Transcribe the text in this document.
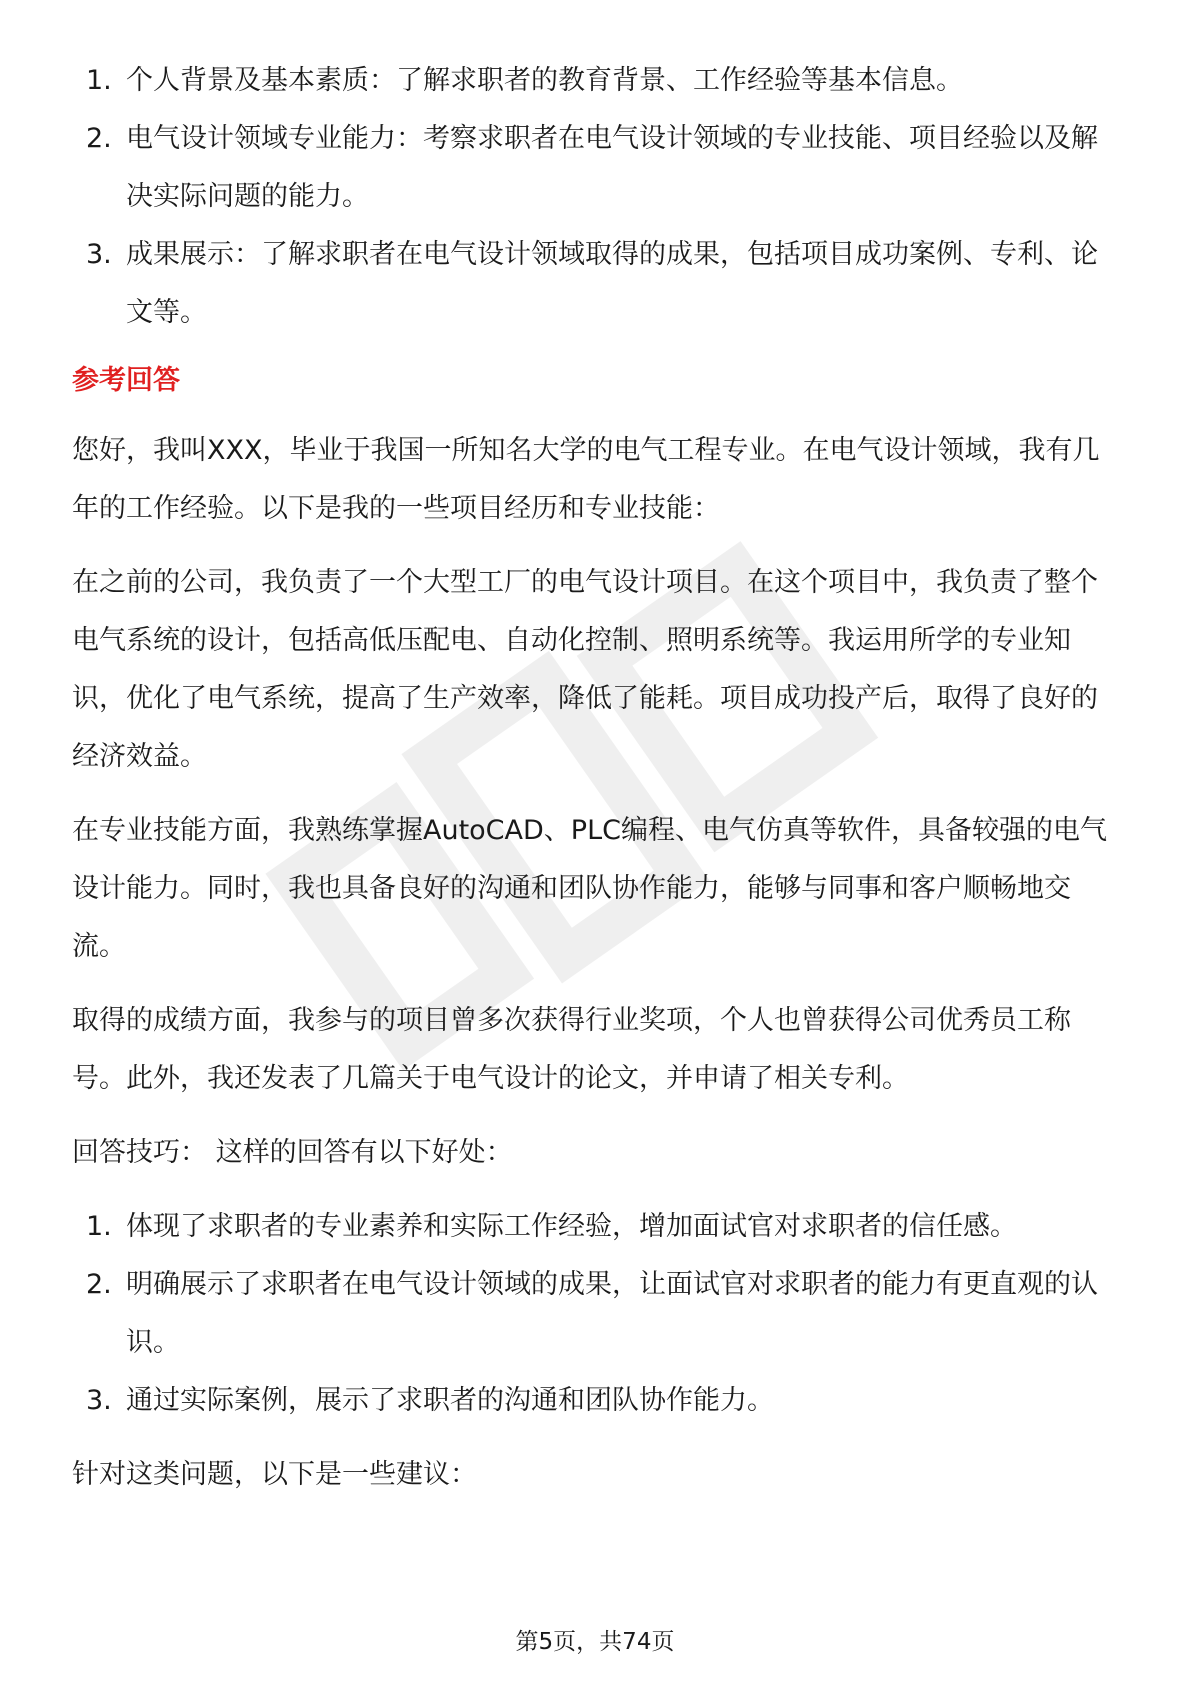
1. 个人背景及基本素质：了解求职者的教育背景、工作经验等基本信息。
2. 电气设计领域专业能力：考察求职者在电气设计领域的专业技能、项目经验以及解决实际问题的能力。
3. 成果展示：了解求职者在电气设计领域取得的成果，包括项目成功案例、专利、论文等。
参考回答

您好，我叫XXX，毕业于我国一所知名大学的电气工程专业。在电气设计领域，我有几年的工作经验。以下是我的一些项目经历和专业技能：

在之前的公司，我负责了一个大型工厂的电气设计项目。在这个项目中，我负责了整个电气系统的设计，包括高低压配电、自动化控制、照明系统等。我运用所学的专业知识，优化了电气系统，提高了生产效率，降低了能耗。项目成功投产后，取得了良好的经济效益。

在专业技能方面，我熟练掌握AutoCAD、PLC编程、电气仿真等软件，具备较强的电气设计能力。同时，我也具备良好的沟通和团队协作能力，能够与同事和客户顺畅地交流。

取得的成绩方面，我参与的项目曾多次获得行业奖项，个人也曾获得公司优秀员工称号。此外，我还发表了几篇关于电气设计的论文，并申请了相关专利。

回答技巧： 这样的回答有以下好处：

1. 体现了求职者的专业素养和实际工作经验，增加面试官对求职者的信任感。
2. 明确展示了求职者在电气设计领域的成果，让面试官对求职者的能力有更直观的认识。
3. 通过实际案例，展示了求职者的沟通和团队协作能力。

针对这类问题，以下是一些建议：

第5页，共74页
